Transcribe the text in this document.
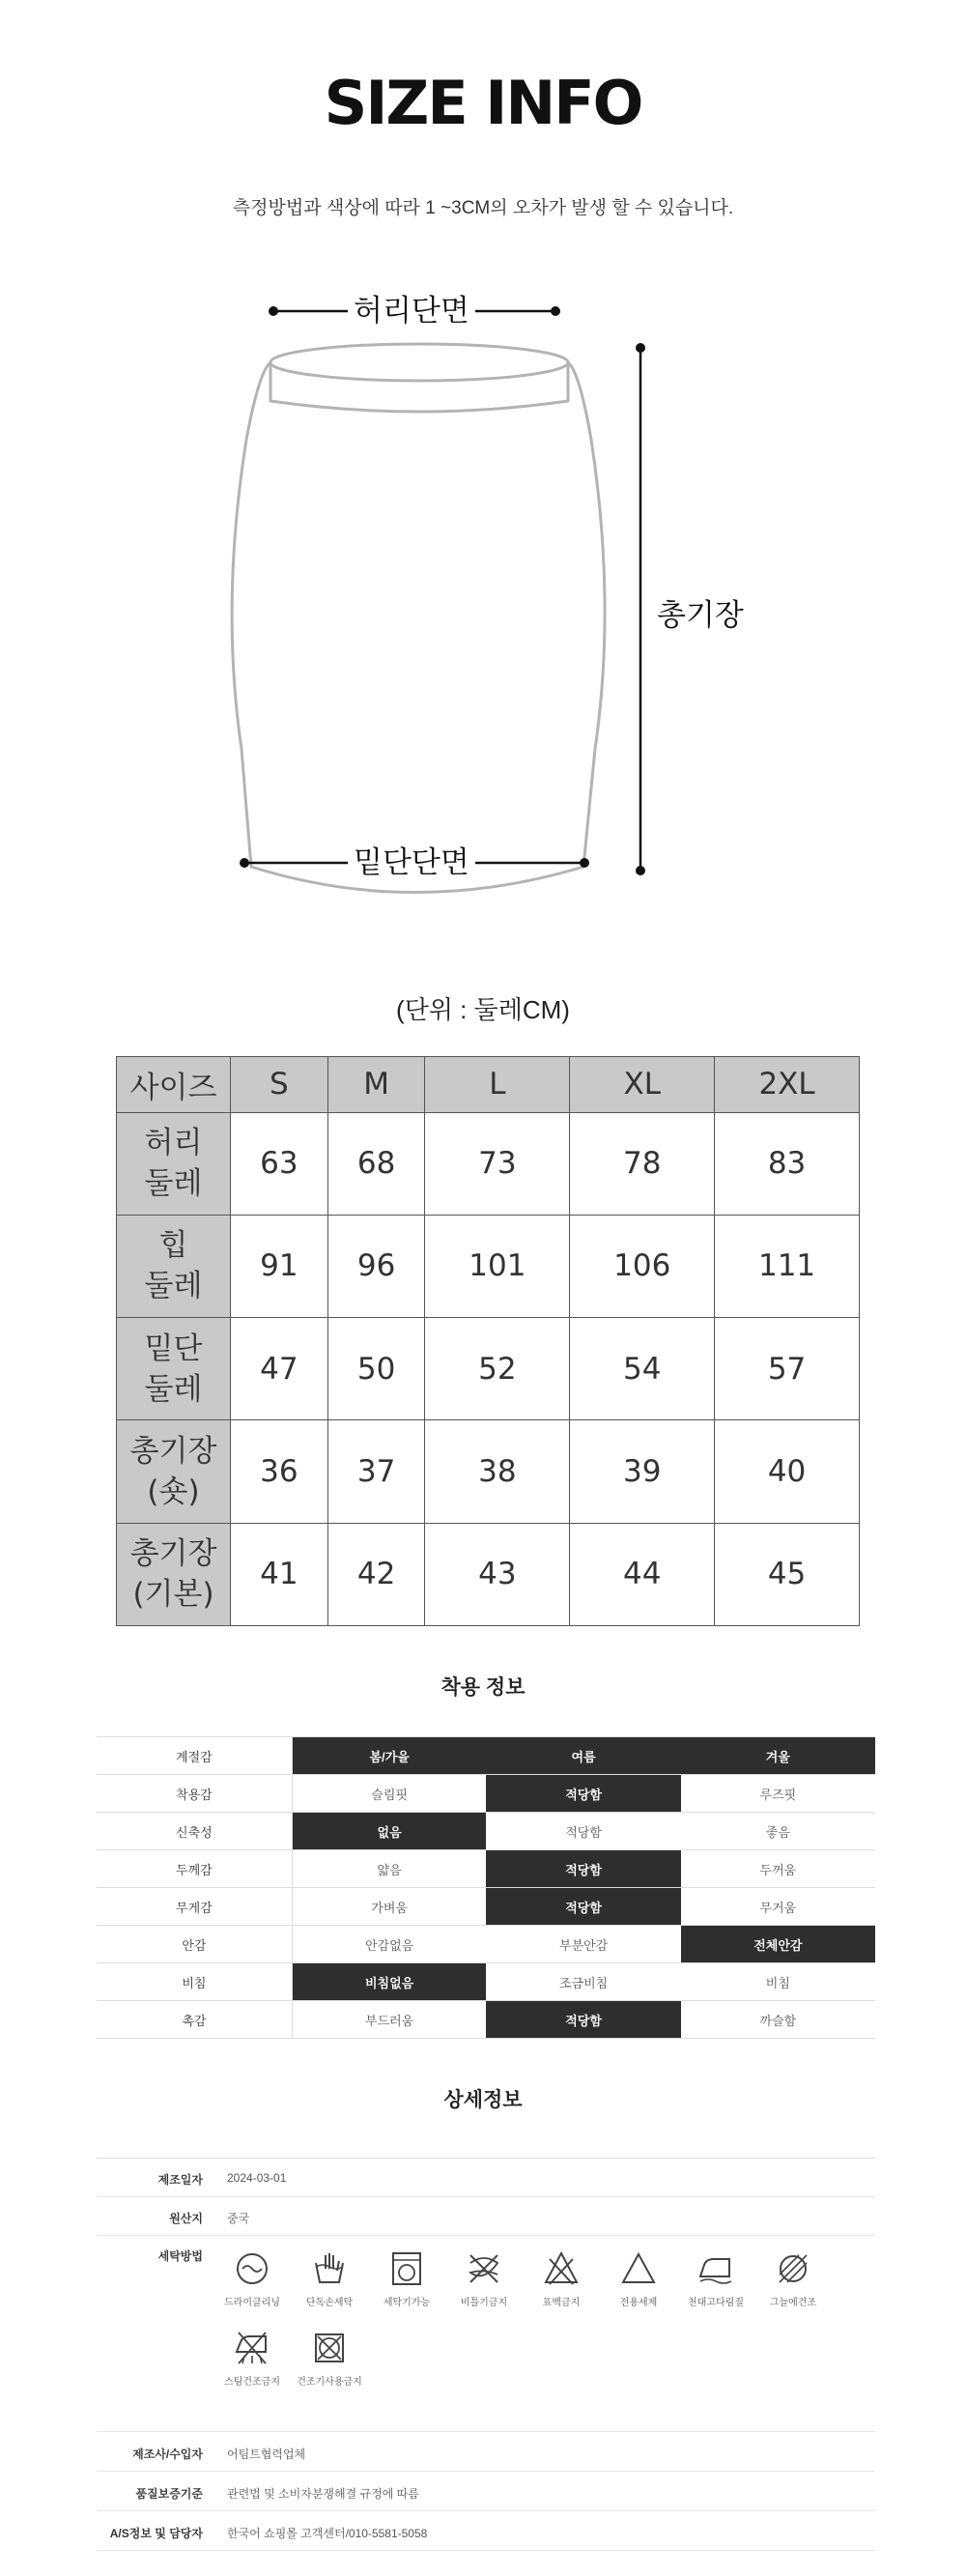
SIZE INFO
측정방법과 색상에 따라 1 ~3CM의 오차가 발생 할 수 있습니다.
허리단면
총기장
밑단단면
(단위 : 둘레CM)
사이즈	S	M	L	XL	2XL
허리
둘레	63	68	73	78	83
힙
둘레	91	96	101	106	111
밑단
둘레	47	50	52	54	57
총기장
(숏)	36	37	38	39	40
총기장
(기본)	41	42	43	44	45
착용 정보
계절감	봄/가을	여름	겨울
착용감	슬림핏	적당함	루즈핏
신축성	없음	적당함	좋음
두께감	얇음	적당함	두꺼움
무게감	가벼움	적당함	무거움
안감	안감없음	부분안감	전체안감
비침	비침없음	조금비침	비침
촉감	부드러움	적당함	까슬함
상세정보
제조일자 2024-03-01
원산지 중국
세탁방법
드라이클리닝	단독손세탁	세탁기가능	비틀기금지	표백금지	전용세제	천대고다림질	그늘에건조
스팀건조금지	건조기사용금지
제조사/수입자 어팀트협력업체
품질보증기준 관련법 및 소비자분쟁해결 규정에 따름
A/S정보 및 담당자 한국어 쇼핑몰 고객센터/010-5581-5058
